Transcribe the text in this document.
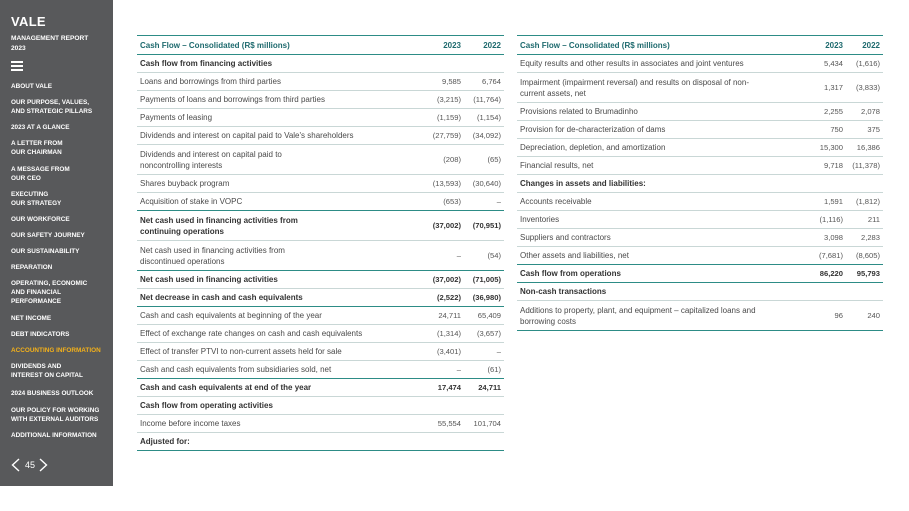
VALE
MANAGEMENT REPORT
2023
ABOUT VALE
OUR PURPOSE, VALUES,
AND STRATEGIC PILLARS
2023 AT A GLANCE
A LETTER FROM
OUR CHAIRMAN
A MESSAGE FROM
OUR CEO
EXECUTING
OUR STRATEGY
OUR WORKFORCE
OUR SAFETY JOURNEY
OUR SUSTAINABILITY
REPARATION
OPERATING, ECONOMIC
AND FINANCIAL
PERFORMANCE
NET INCOME
DEBT INDICATORS
ACCOUNTING INFORMATION
DIVIDENDS AND
INTEREST ON CAPITAL
2024 BUSINESS OUTLOOK
OUR POLICY FOR WORKING
WITH EXTERNAL AUDITORS
ADDITIONAL INFORMATION
45
Cash Flow – Consolidated (R$ millions)	2023	2022
Cash flow from financing activities		
Loans and borrowings from third parties	9,585	6,764
Payments of loans and borrowings from third parties	(3,215)	(11,764)
Payments of leasing	(1,159)	(1,154)
Dividends and interest on capital paid to Vale's shareholders	(27,759)	(34,092)
Dividends and interest on capital paid to noncontrolling interests	(208)	(65)
Shares buyback program	(13,593)	(30,640)
Acquisition of stake in VOPC	(653)	–
Net cash used in financing activities from continuing operations	(37,002)	(70,951)
Net cash used in financing activities from discontinued operations	–	(54)
Net cash used in financing activities	(37,002)	(71,005)
Net decrease in cash and cash equivalents	(2,522)	(36,980)
Cash and cash equivalents at beginning of the year	24,711	65,409
Effect of exchange rate changes on cash and cash equivalents	(1,314)	(3,657)
Effect of transfer PTVI to non-current assets held for sale	(3,401)	–
Cash and cash equivalents from subsidiaries sold, net	–	(61)
Cash and cash equivalents at end of the year	17,474	24,711
Cash flow from operating activities		
Income before income taxes	55,554	101,704
Adjusted for:		
Cash Flow – Consolidated (R$ millions)	2023	2022
Equity results and other results in associates and joint ventures	5,434	(1,616)
Impairment (impairment reversal) and results on disposal of non-current assets, net	1,317	(3,833)
Provisions related to Brumadinho	2,255	2,078
Provision for de-characterization of dams	750	375
Depreciation, depletion, and amortization	15,300	16,386
Financial results, net	9,718	(11,378)
Changes in assets and liabilities:		
Accounts receivable	1,591	(1,812)
Inventories	(1,116)	211
Suppliers and contractors	3,098	2,283
Other assets and liabilities, net	(7,681)	(8,605)
Cash flow from operations	86,220	95,793
Non-cash transactions		
Additions to property, plant, and equipment – capitalized loans and borrowing costs	96	240
